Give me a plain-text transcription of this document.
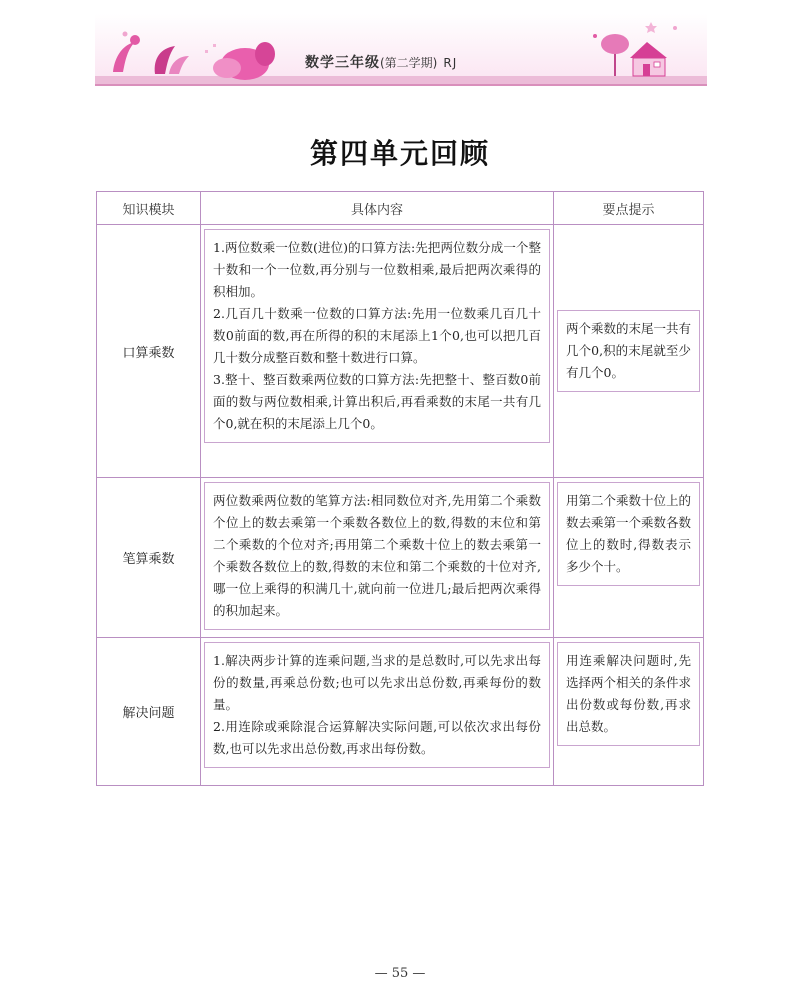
数学三年级(第二学期) RJ
第四单元回顾
知识模块	具体内容	要点提示
口算乘数	1.两位数乘一位数(进位)的口算方法:先把两位数分成一个整十数和一个一位数,再分别与一位数相乘,最后把两次乘得的积相加。
2.几百几十数乘一位数的口算方法:先用一位数乘几百几十数0前面的数,再在所得的积的末尾添上1个0,也可以把几百几十数分成整百数和整十数进行口算。
3.整十、整百数乘两位数的口算方法:先把整十、整百数0前面的数与两位数相乘,计算出积后,再看乘数的末尾一共有几个0,就在积的末尾添上几个0。	两个乘数的末尾一共有几个0,积的末尾就至少有几个0。

笔算乘数	两位数乘两位数的笔算方法:相同数位对齐,先用第二个乘数个位上的数去乘第一个乘数各数位上的数,得数的末位和第二个乘数的个位对齐;再用第二个乘数十位上的数去乘第一个乘数各数位上的数,得数的末位和第二个乘数的十位对齐,哪一位上乘得的积满几十,就向前一位进几;最后把两次乘得的积加起来。	用第二个乘数十位上的数去乘第一个乘数各数位上的数时,得数表示多少个十。

解决问题	1.解决两步计算的连乘问题,当求的是总数时,可以先求出每份的数量,再乘总份数;也可以先求出总份数,再乘每份的数量。
2.用连除或乘除混合运算解决实际问题,可以依次求出每份数,也可以先求出总份数,再求出每份数。	用连乘解决问题时,先选择两个相关的条件求出份数或每份数,再求出总数。
— 55 —
